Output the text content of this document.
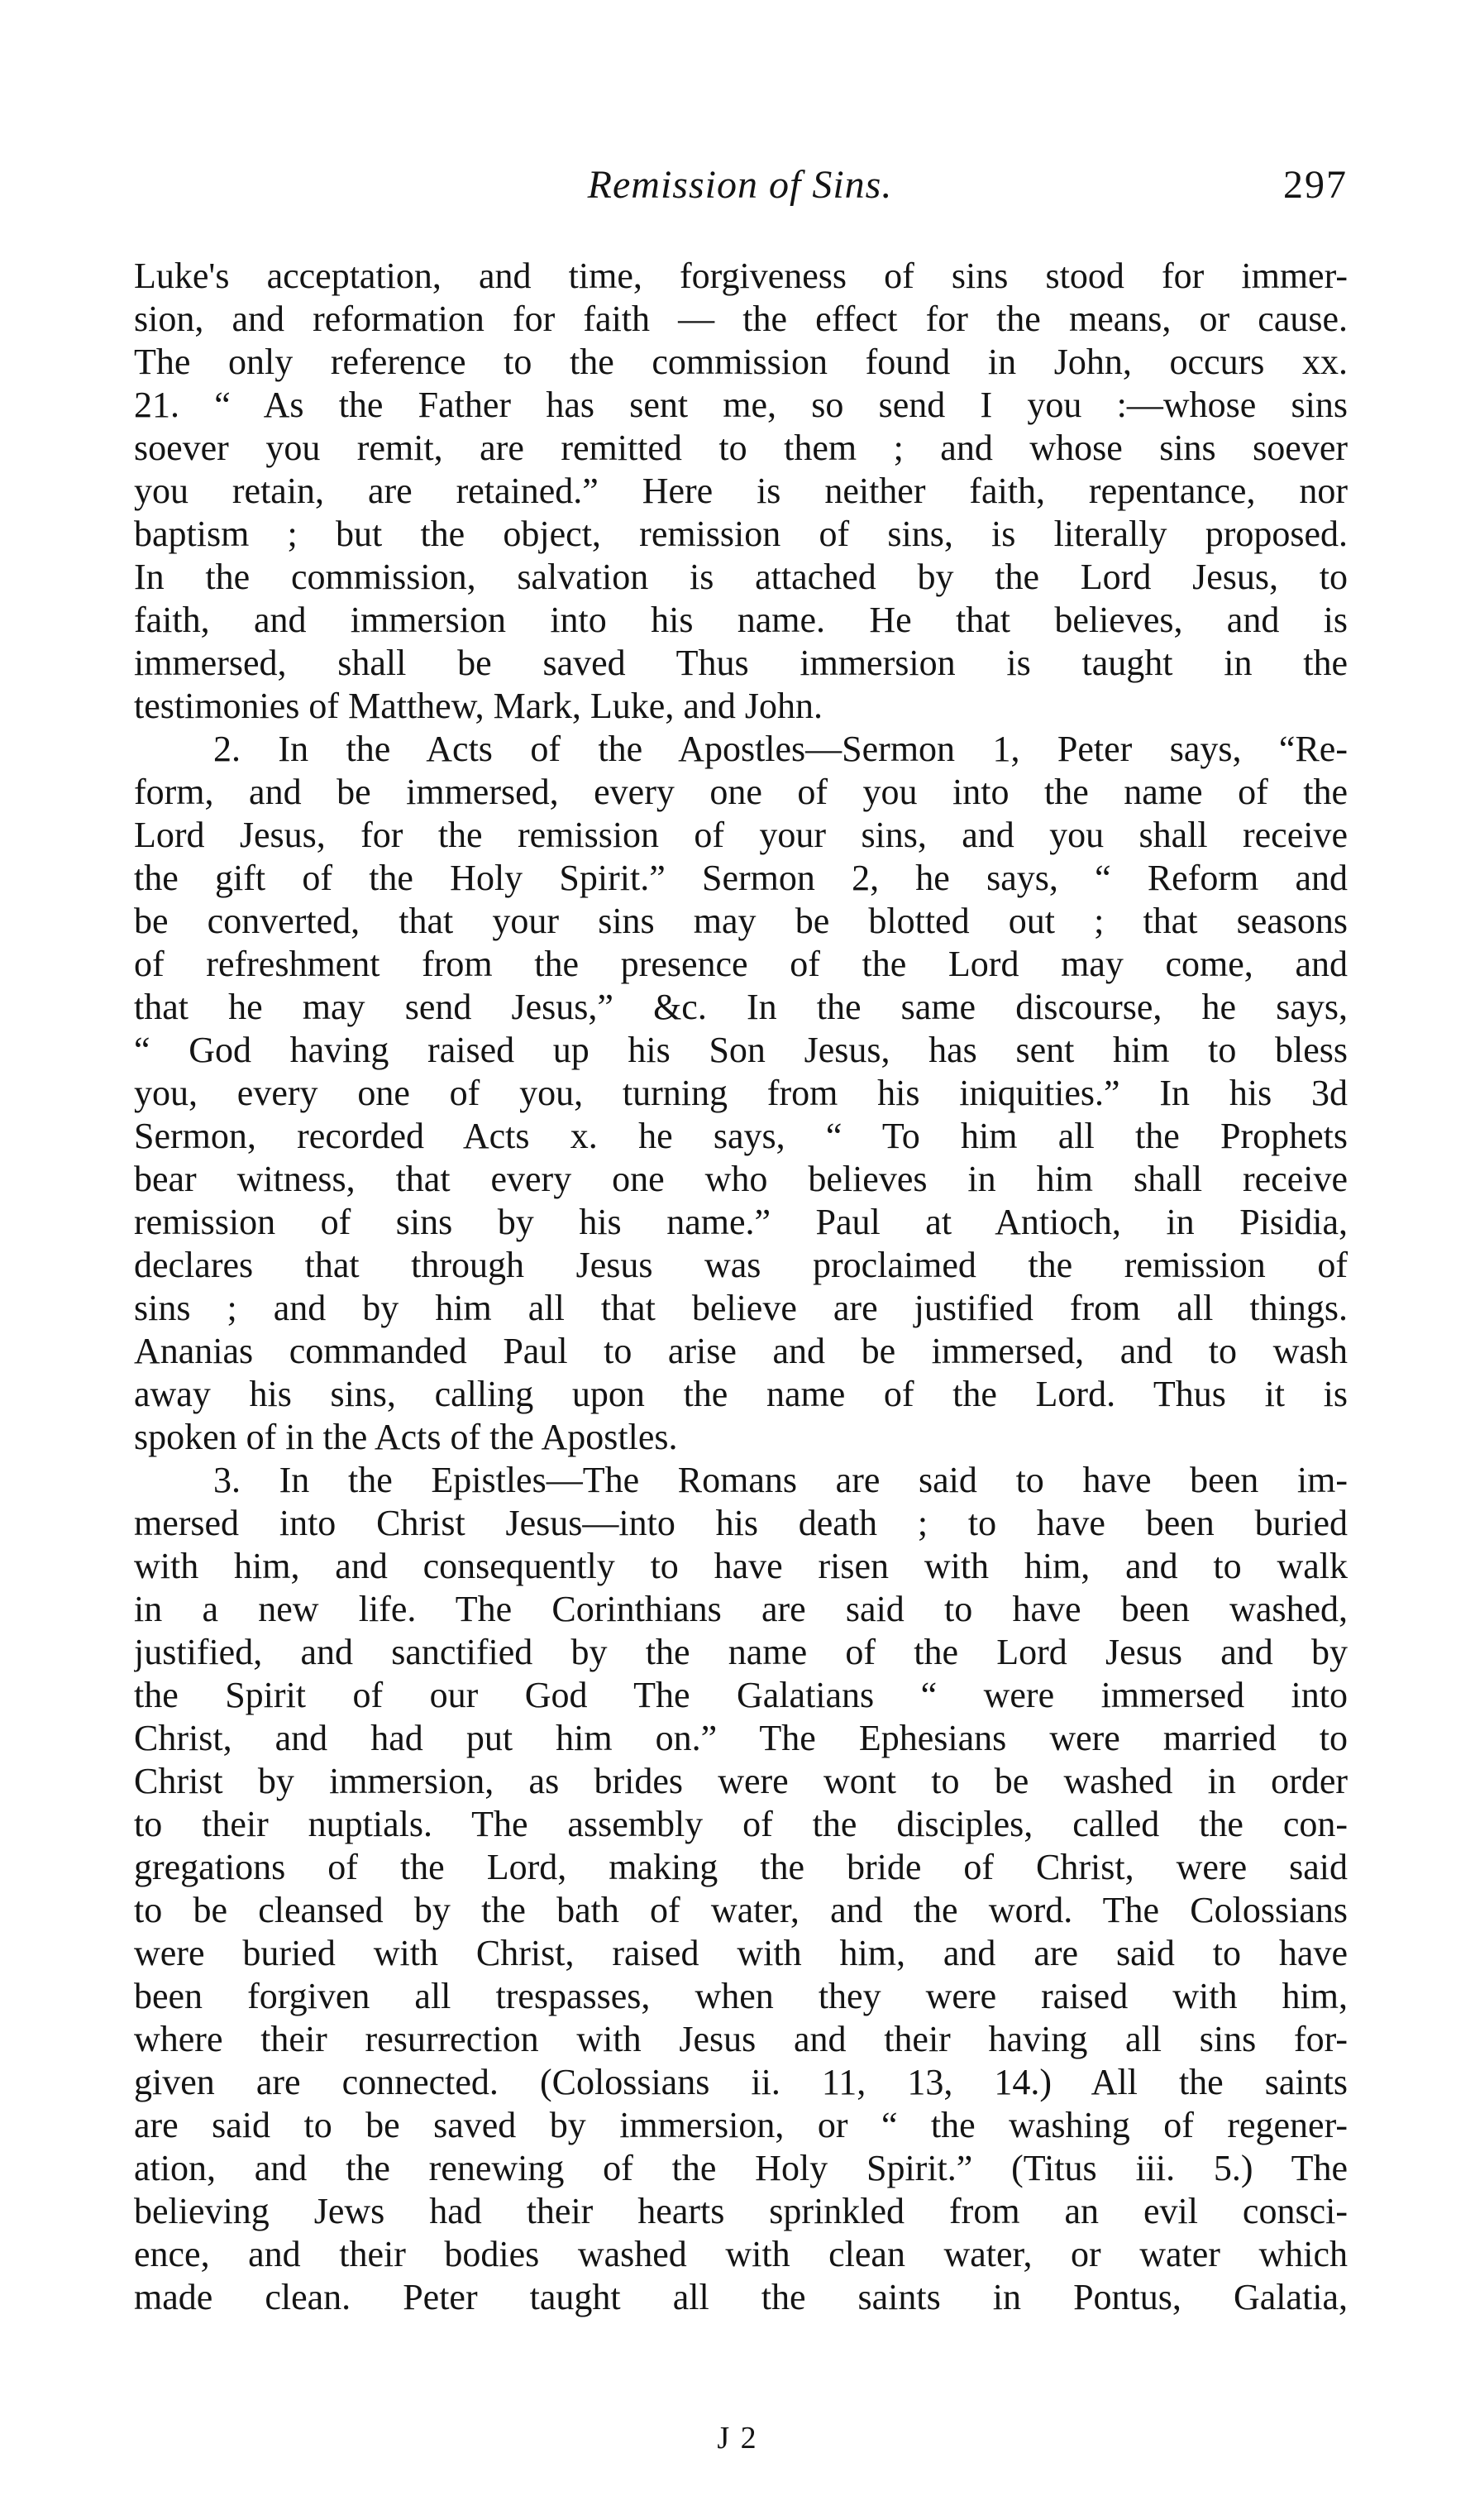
Remission of Sins.	297
Luke's acceptation, and time, forgiveness of sins stood for immer-
sion, and reformation for faith — the effect for the means, or cause.
The only reference to the commission found in John, occurs xx.
21. “ As the Father has sent me, so send I you :—whose sins
soever you remit, are remitted to them ; and whose sins soever
you retain, are retained.” Here is neither faith, repentance, nor
baptism ; but the object, remission of sins, is literally proposed.
In the commission, salvation is attached by the Lord Jesus, to
faith, and immersion into his name. He that believes, and is
immersed, shall be saved Thus immersion is taught in the
testimonies of Matthew, Mark, Luke, and John.
2. In the Acts of the Apostles—Sermon 1, Peter says, “Re-
form, and be immersed, every one of you into the name of the
Lord Jesus, for the remission of your sins, and you shall receive
the gift of the Holy Spirit.” Sermon 2, he says, “ Reform and
be converted, that your sins may be blotted out ; that seasons
of refreshment from the presence of the Lord may come, and
that he may send Jesus,” &c. In the same discourse, he says,
“ God having raised up his Son Jesus, has sent him to bless
you, every one of you, turning from his iniquities.” In his 3d
Sermon, recorded Acts x. he says, “ To him all the Prophets
bear witness, that every one who believes in him shall receive
remission of sins by his name.” Paul at Antioch, in Pisidia,
declares that through Jesus was proclaimed the remission of
sins ; and by him all that believe are justified from all things.
Ananias commanded Paul to arise and be immersed, and to wash
away his sins, calling upon the name of the Lord. Thus it is
spoken of in the Acts of the Apostles.
3. In the Epistles—The Romans are said to have been im-
mersed into Christ Jesus—into his death ; to have been buried
with him, and consequently to have risen with him, and to walk
in a new life. The Corinthians are said to have been washed,
justified, and sanctified by the name of the Lord Jesus and by
the Spirit of our God The Galatians “ were immersed into
Christ, and had put him on.” The Ephesians were married to
Christ by immersion, as brides were wont to be washed in order
to their nuptials. The assembly of the disciples, called the con-
gregations of the Lord, making the bride of Christ, were said
to be cleansed by the bath of water, and the word. The Colossians
were buried with Christ, raised with him, and are said to have
been forgiven all trespasses, when they were raised with him,
where their resurrection with Jesus and their having all sins for-
given are connected. (Colossians ii. 11, 13, 14.) All the saints
are said to be saved by immersion, or “ the washing of regener-
ation, and the renewing of the Holy Spirit.” (Titus iii. 5.) The
believing Jews had their hearts sprinkled from an evil consci-
ence, and their bodies washed with clean water, or water which
made clean. Peter taught all the saints in Pontus, Galatia,
J 2
